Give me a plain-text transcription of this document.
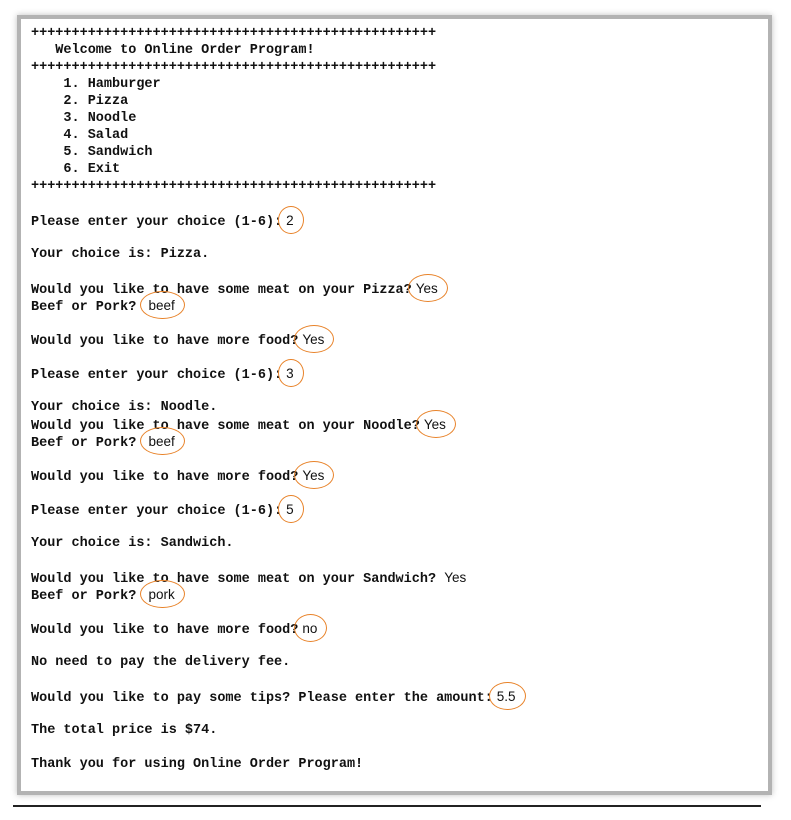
++++++++++++++++++++++++++++++++++++++++++++++++++
Welcome to Online Order Program!
++++++++++++++++++++++++++++++++++++++++++++++++++
1. Hamburger
2. Pizza
3. Noodle
4. Salad
5. Sandwich
6. Exit
++++++++++++++++++++++++++++++++++++++++++++++++++
Please enter your choice (1-6): 2
Your choice is: Pizza.
Would you like to have some meat on your Pizza? Yes
Beef or Pork? beef
Would you like to have more food? Yes
Please enter your choice (1-6): 3
Your choice is: Noodle.
Would you like to have some meat on your Noodle? Yes
Beef or Pork? beef
Would you like to have more food? Yes
Please enter your choice (1-6): 5
Your choice is: Sandwich.
Would you like to have some meat on your Sandwich? Yes
Beef or Pork? pork
Would you like to have more food? no
No need to pay the delivery fee.
Would you like to pay some tips? Please enter the amount: 5.5
The total price is $74.
Thank you for using Online Order Program!
